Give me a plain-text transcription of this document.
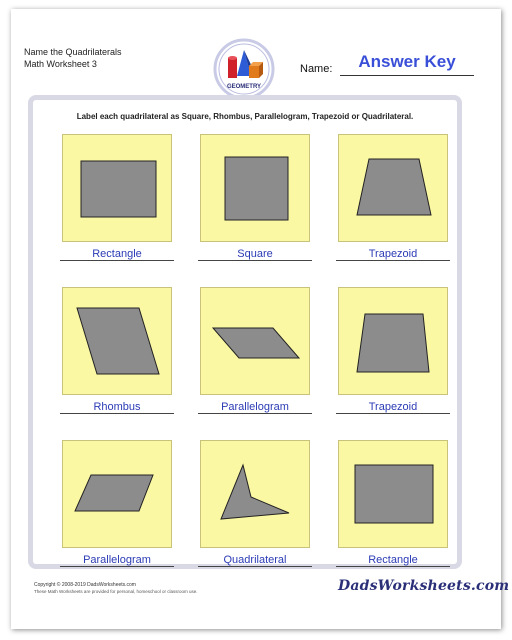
Name the Quadrilaterals
Math Worksheet 3
GEOMETRY
Name:	Answer Key
Label each quadrilateral as Square, Rhombus, Parallelogram, Trapezoid or Quadrilateral.
Rectangle	Square	Trapezoid
Rhombus	Parallelogram	Trapezoid
Parallelogram	Quadrilateral	Rectangle
Copyright © 2008-2019 DadsWorksheets.com
These Math Worksheets are provided for personal, homeschool or classroom use.	DadsWorksheets.com
